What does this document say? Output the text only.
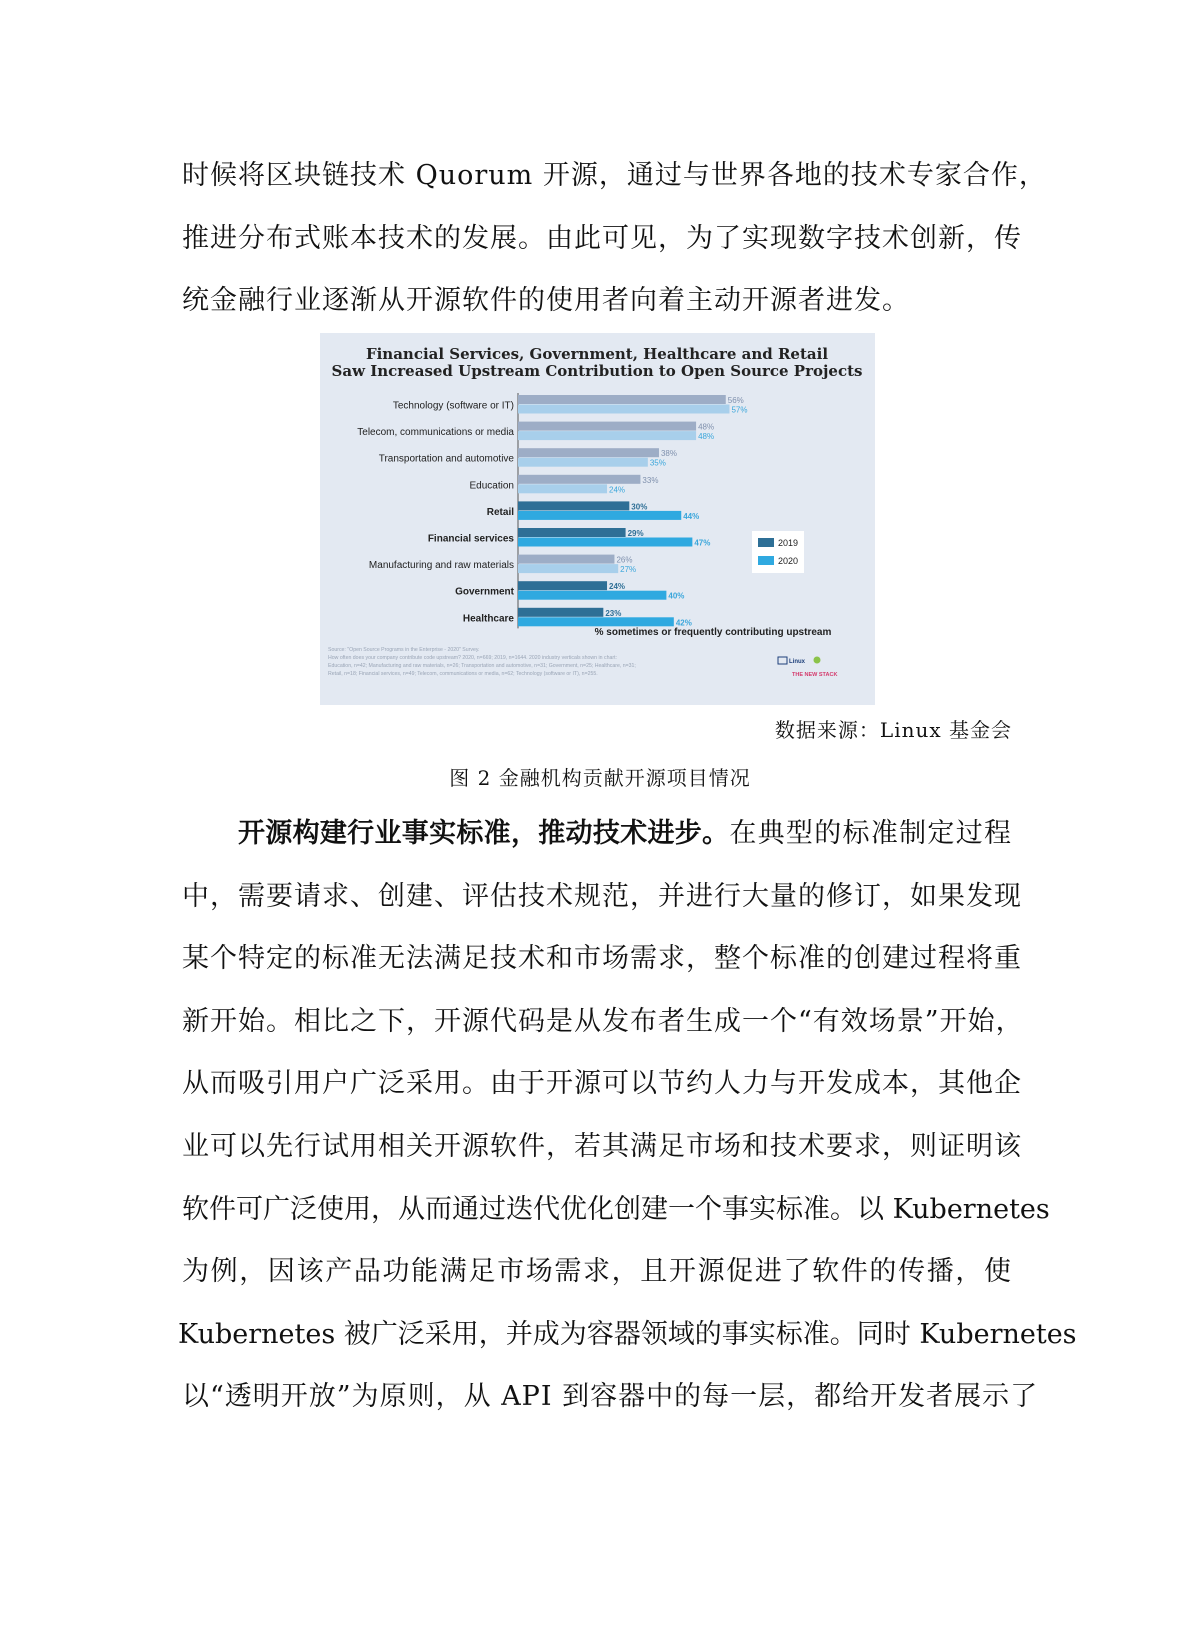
时候将区块链技术 Quorum 开源，通过与世界各地的技术专家合作，
推进分布式账本技术的发展。由此可见，为了实现数字技术创新，传
统金融行业逐渐从开源软件的使用者向着主动开源者进发。
Financial Services, Government, Healthcare and Retail
Saw Increased Upstream Contribution to Open Source Projects
Technology (software or IT)	56%
57%
Telecom, communications or media	48%
48%
Transportation and automotive	38%
35%
Education	33%
24%
Retail	30%
44%
Financial services	29%
47%
Manufacturing and raw materials	26%
27%
Government	24%
40%
Healthcare	23%
42%
2019
2020
% sometimes or frequently contributing upstream
Source: "Open Source Programs in the Enterprise - 2020" Survey.
How often does your company contribute code upstream? 2020, n=669; 2019, n=1644. 2020 industry verticals shown in chart:
Education, n=42; Manufacturing and raw materials, n=26; Transportation and automotive, n=31; Government, n=25; Healthcare, n=31;
Retail, n=18; Financial services, n=49; Telecom, communications or media, n=62; Technology (software or IT), n=255.
Linux
THE NEW STACK
数据来源：Linux 基金会
图 2 金融机构贡献开源项目情况
开源构建行业事实标准，推动技术进步。在典型的标准制定过程
中，需要请求、创建、评估技术规范，并进行大量的修订，如果发现
某个特定的标准无法满足技术和市场需求，整个标准的创建过程将重
新开始。相比之下，开源代码是从发布者生成一个“有效场景”开始，
从而吸引用户广泛采用。由于开源可以节约人力与开发成本，其他企
业可以先行试用相关开源软件，若其满足市场和技术要求，则证明该
软件可广泛使用，从而通过迭代优化创建一个事实标准。以 Kubernetes
为例，因该产品功能满足市场需求，且开源促进了软件的传播，使
Kubernetes 被广泛采用，并成为容器领域的事实标准。同时 Kubernetes
以“透明开放”为原则，从 API 到容器中的每一层，都给开发者展示了
